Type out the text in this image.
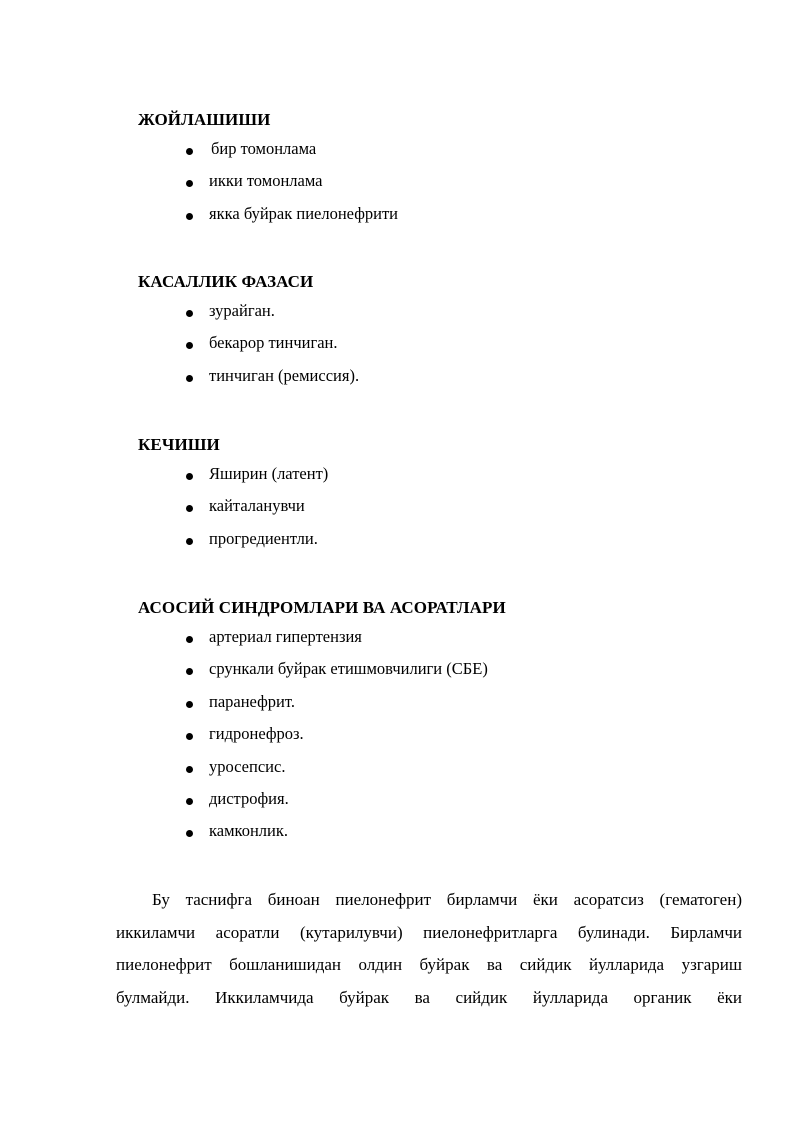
ЖОЙЛАШИШИ
бир томонлама
икки томонлама
якка буйрак пиелонефрити
КАСАЛЛИК ФАЗАСИ
зурайган.
бекарор тинчиган.
тинчиган (ремиссия).
КЕЧИШИ
Яширин (латент)
кайталанувчи
прогредиентли.
АСОСИЙ СИНДРОМЛАРИ ВА АСОРАТЛАРИ
артериал гипертензия
срункали буйрак етишмовчилиги (СБЕ)
паранефрит.
гидронефроз.
уросепсис.
дистрофия.
камконлик.
Бу таснифга биноан пиелонефрит бирламчи ёки асоратсиз (гематоген)
иккиламчи асоратли (кутарилувчи) пиелонефритларга булинади. Бирламчи
пиелонефрит бошланишидан олдин буйрак ва сийдик йулларида узгариш
булмайди. Иккиламчида буйрак ва сийдик йулларида органик ёки
